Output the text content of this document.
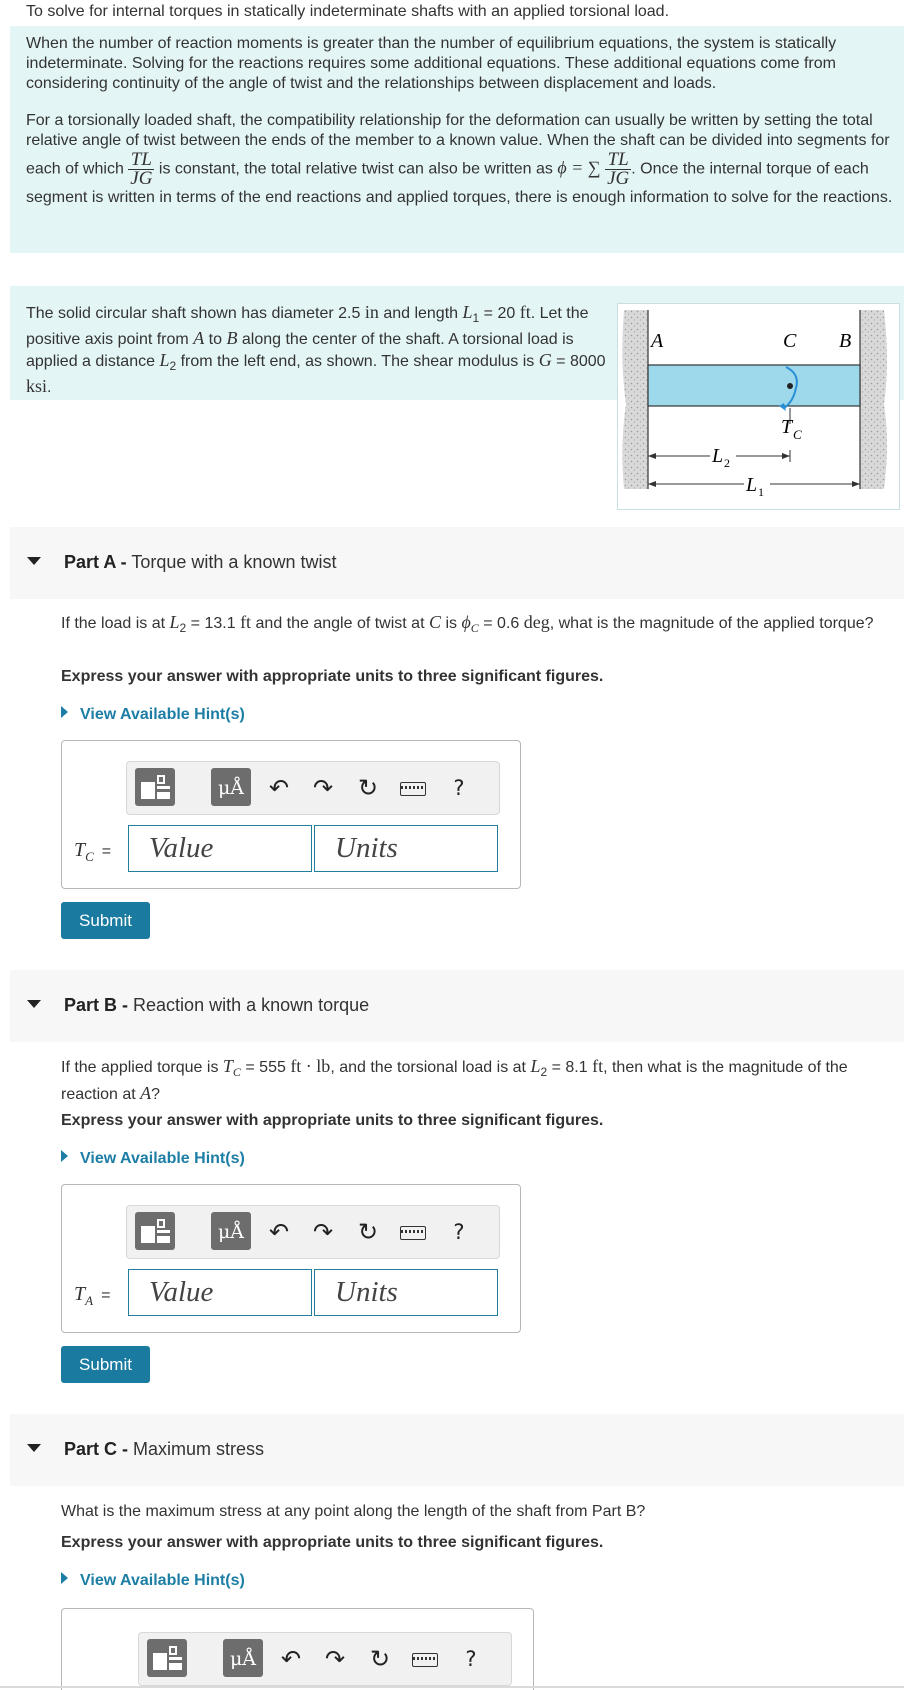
To solve for internal torques in statically indeterminate shafts with an applied torsional load.

When the number of reaction moments is greater than the number of equilibrium equations, the system is statically indeterminate. Solving for the reactions requires some additional equations. These additional equations come from considering continuity of the angle of twist and the relationships between displacement and loads.

For a torsionally loaded shaft, the compatibility relationship for the deformation can usually be written by setting the total relative angle of twist between the ends of the member to a known value. When the shaft can be divided into segments for each of which $\frac{TL}{JG}$ is constant, the total relative twist can also be written as ϕ = ∑ $\frac{TL}{JG}$ . Once the internal torque of each segment is written in terms of the end reactions and applied torques, there is enough information to solve for the reactions.

The solid circular shaft shown has diameter 2.5 in and length $L_1 = 20$ ft. Let the positive axis point from A to B along the center of the shaft. A torsional load is applied a distance $L_2$ from the left end, as shown. The shear modulus is G = 8000 ksi.

A	C B
T C
L 2
L 1
Part A - Torque with a known twist
If the load is at $L_2 = 13.1$ ft and the angle of twist at C is $\phi_C = 0.6$ deg, what is the magnitude of the applied torque?
Express your answer with appropriate units to three significant figures.
View Available Hint(s)
μÅ ↶ ↷ ↻	?
$T_C$ =	Value	Units
Submit
Part B - Reaction with a known torque
If the applied torque is $T_C = 555$ ft · lb, and the torsional load is at $L_2 = 8.1$ ft, then what is the magnitude of the reaction at A?
Express your answer with appropriate units to three significant figures.
View Available Hint(s)
μÅ ↶ ↷ ↻	?
$T_A$ =	Value	Units
Submit
Part C - Maximum stress
What is the maximum stress at any point along the length of the shaft from Part B?
Express your answer with appropriate units to three significant figures.
View Available Hint(s)
μÅ ↶ ↷ ↻	?
